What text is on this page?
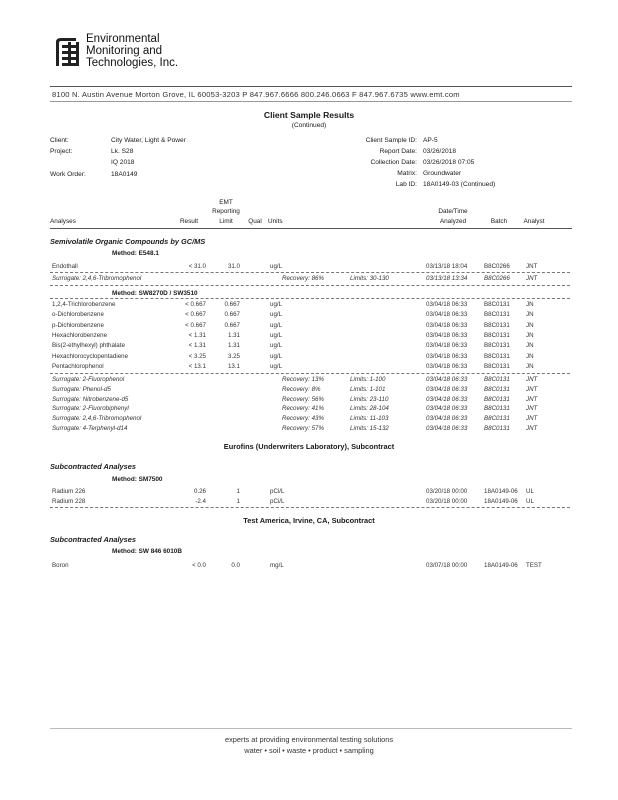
Environmental
Monitoring and
Technologies, Inc.
8100 N. Austin Avenue Morton Grove, IL 60053-3203 P 847.967.6666 800.246.0663 F 847.967.6735 www.emt.com
Client Sample Results
(Continued)
Client:	City Water, Light & Power
Project:	Lk. S28
IQ 2018
Work Order:	18A0149
Client Sample ID: AP-5
Report Date: 03/26/2018
Collection Date: 03/26/2018 07:05
Matrix: Groundwater
Lab ID: 18A0149-03 (Continued)
EMT
Reporting	Date/Time
Analyses	Result	Limit	Qual Units	Analyzed	Batch	Analyst
Semivolatile Organic Compounds by GC/MS
Method: E548.1
Endothall	< 31.0	31.0	ug/L	03/13/18 18:04	B8C0266	JNT
Surrogate: 2,4,6-Tribromophenol	Recovery: 86%	Limits: 30-130	03/13/18 13:34	B8C0266	JNT
Method: SW8270D / SW3510
1,2,4-Trichlorobenzene	< 0.667	0.667	ug/L	03/04/18 06:33	B8C0131	JN
o-Dichlorobenzene	< 0.667	0.667	ug/L	03/04/18 06:33	B8C0131	JN
p-Dichlorobenzene	< 0.667	0.667	ug/L	03/04/18 06:33	B8C0131	JN
Hexachlorobenzene	< 1.31	1.31	ug/L	03/04/18 06:33	B8C0131	JN
Bis(2-ethylhexyl) phthalate	< 1.31	1.31	ug/L	03/04/18 06:33	B8C0131	JN
Hexachlorocyclopentadiene	< 3.25	3.25	ug/L	03/04/18 06:33	B8C0131	JN
Pentachlorophenol	< 13.1	13.1	ug/L	03/04/18 06:33	B8C0131	JN
Surrogate: 2-Fluorophenol	Recovery: 13%	Limits: 1-100	03/04/18 06:33	B8C0131	JNT
Surrogate: Phenol-d5	Recovery: 8%	Limits: 1-101	03/04/18 06:33	B8C0131	JNT
Surrogate: Nitrobenzene-d5	Recovery: 56%	Limits: 23-110	03/04/18 06:33	B8C0131	JNT
Surrogate: 2-Fluorobiphenyl	Recovery: 41%	Limits: 28-104	03/04/18 06:33	B8C0131	JNT
Surrogate: 2,4,6-Tribromophenol	Recovery: 43%	Limits: 11-103	03/04/18 06:33	B8C0131	JNT
Surrogate: 4-Terphenyl-d14	Recovery: 57%	Limits: 15-132	03/04/18 06:33	B8C0131	JNT
Eurofins (Underwriters Laboratory), Subcontract
Subcontracted Analyses
Method: SM7500
Radium 226	0.26	1	pCi/L	03/20/18 00:00	18A0149-06 UL
Radium 228	-2.4	1	pCi/L	03/20/18 00:00	18A0149-06 UL
Test America, Irvine, CA, Subcontract
Subcontracted Analyses
Method: SW 846 6010B
Boron	< 0.0	0.0	mg/L	03/07/18 00:00	18A0149-06 TEST
experts at providing environmental testing solutions
water • soil • waste • product • sampling
